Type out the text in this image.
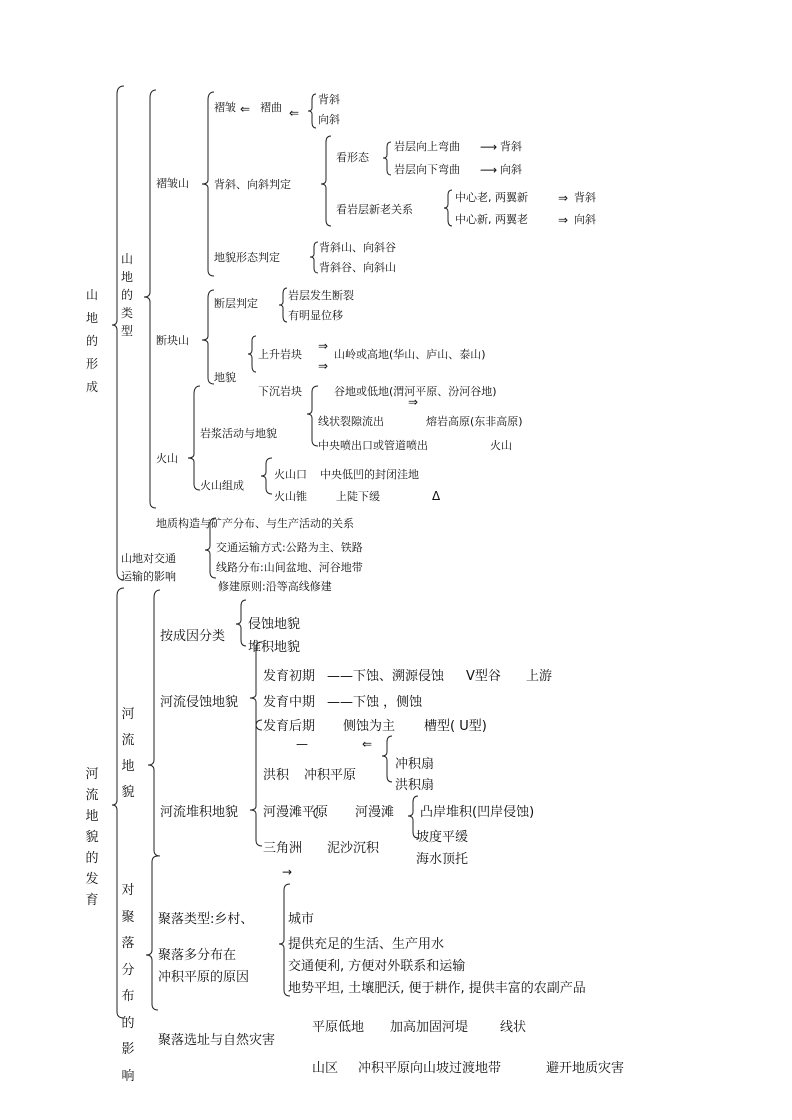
山地的形成
山地的类型
河流地貌的发育
河流地貌
对聚落分布的影响
褶皱山
褶皱 ⇐ 褶曲 ⇐
背斜
向斜
背斜、向斜判定
看形态
岩层向上弯曲 ⟶ 背斜
岩层向下弯曲 ⟶ 向斜
看岩层新老关系
中心老, 两翼新	⇒ 背斜
中心新, 两翼老	⇒ 向斜
地貌形态判定
背斜山、向斜谷
背斜谷、向斜山
断块山
断层判定
岩层发生断裂
有明显位移
地貌
上升岩块
⇒
⇒
山岭或高地(华山、庐山、泰山)
下沉岩块	谷地或低地(渭河平原、汾河谷地)
⇒
火山
岩浆活动与地貌
线状裂隙流出	熔岩高原(东非高原)
中央喷出口或管道喷出	火山
火山组成
火山口 中央低凹的封闭洼地
火山锥	上陡下缓	Δ
地质构造与矿产分布、与生产活动的关系
山地对交通运输的影响
交通运输方式:公路为主、铁路
线路分布:山间盆地、河谷地带
修建原则:沿等高线修建
按成因分类
侵蚀地貌
堆积地貌
河流侵蚀地貌
发育初期 ——下蚀、溯源侵蚀 V型谷 上游
发育中期 ——下蚀 ，侧蚀
发育后期 侧蚀为主 槽型( U型)
—	⇐
冲积扇
洪积 冲积平原
洪积扇
河流堆积地貌 河漫滩平原 河漫滩 凸岸堆积(凹岸侵蚀)
坡度平缓
三角洲 泥沙沉积
海水顶托
→
聚落类型:乡村、	城市
聚落多分布在
冲积平原的原因
提供充足的生活、生产用水
交通便利, 方便对外联系和运输
地势平坦, 土壤肥沃, 便于耕作, 提供丰富的农副产品
聚落选址与自然灾害
平原低地 加高加固河堤 线状
山区 冲积平原向山坡过渡地带	避开地质灾害
